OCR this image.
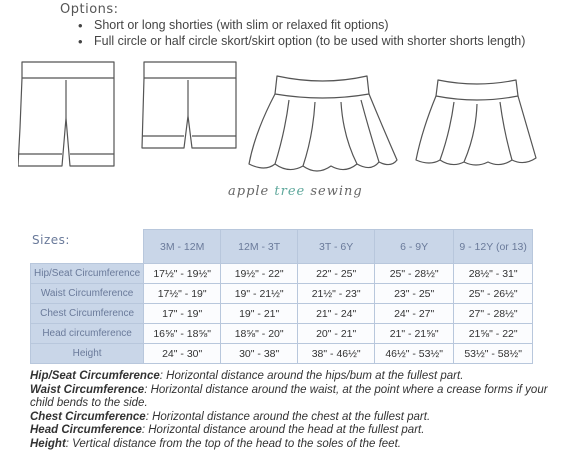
Options:
• Short or long shorties (with slim or relaxed fit options)
• Full circle or half circle skort/skirt option (to be used with shorter shorts length)
apple tree sewing
	3M - 12M	12M - 3T	3T - 6Y	6 - 9Y	9 - 12Y (or 13)
Hip/Seat Circumference	17½" - 19½"	19½" - 22"	22" - 25"	25" - 28½"	28½" - 31"
Waist Circumference	17½" - 19"	19" - 21½"	21½" - 23"	23" - 25"	25" - 26½"
Chest Circumference	17" - 19"	19" - 21"	21" - 24"	24" - 27"	27" - 28½"
Head circumference	16⅝" - 18⅝"	18⅝" - 20"	20" - 21"	21" - 21⅝"	21⅝" - 22"
Height	24" - 30"	30" - 38"	38" - 46½"	46½" - 53½"	53½" - 58½"
Sizes:
Hip/Seat Circumference: Horizontal distance around the hips/bum at the fullest part.
Waist Circumference: Horizontal distance around the waist, at the point where a crease forms if your child bends to the side.
Chest Circumference: Horizontal distance around the chest at the fullest part.
Head Circumference: Horizontal distance around the head at the fullest part.
Height: Vertical distance from the top of the head to the soles of the feet.
